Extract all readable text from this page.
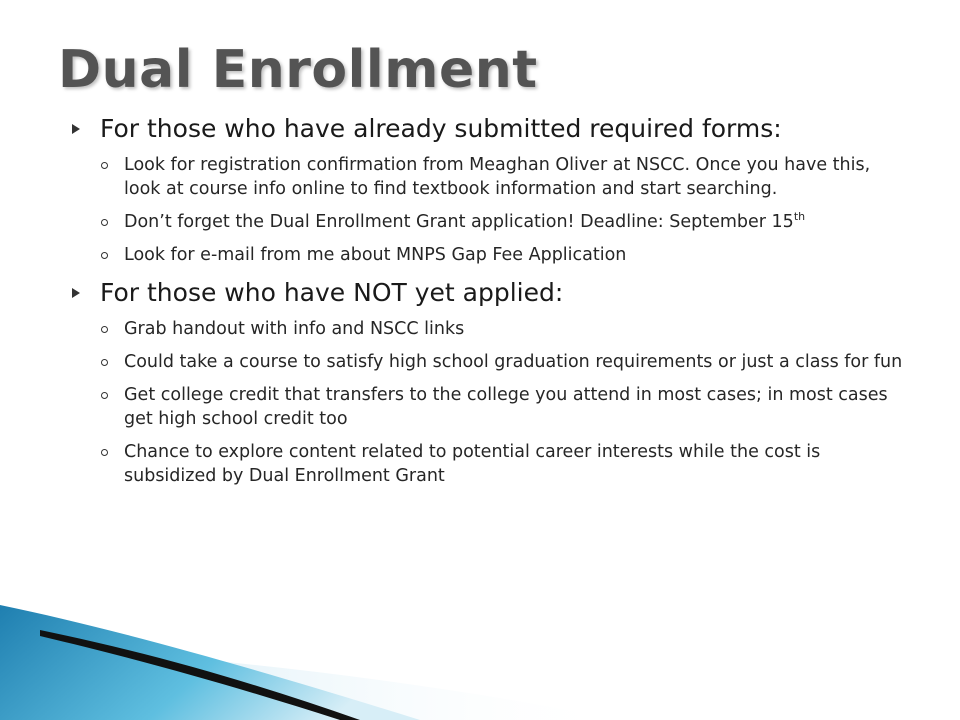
Dual Enrollment
For those who have already submitted required forms:
Look for registration confirmation from Meaghan Oliver at NSCC. Once you have this, look at course info online to find textbook information and start searching.
Don’t forget the Dual Enrollment Grant application! Deadline: September 15th
Look for e-mail from me about MNPS Gap Fee Application
For those who have NOT yet applied:
Grab handout with info and NSCC links
Could take a course to satisfy high school graduation requirements or just a class for fun
Get college credit that transfers to the college you attend in most cases; in most cases get high school credit too
Chance to explore content related to potential career interests while the cost is subsidized by Dual Enrollment Grant
